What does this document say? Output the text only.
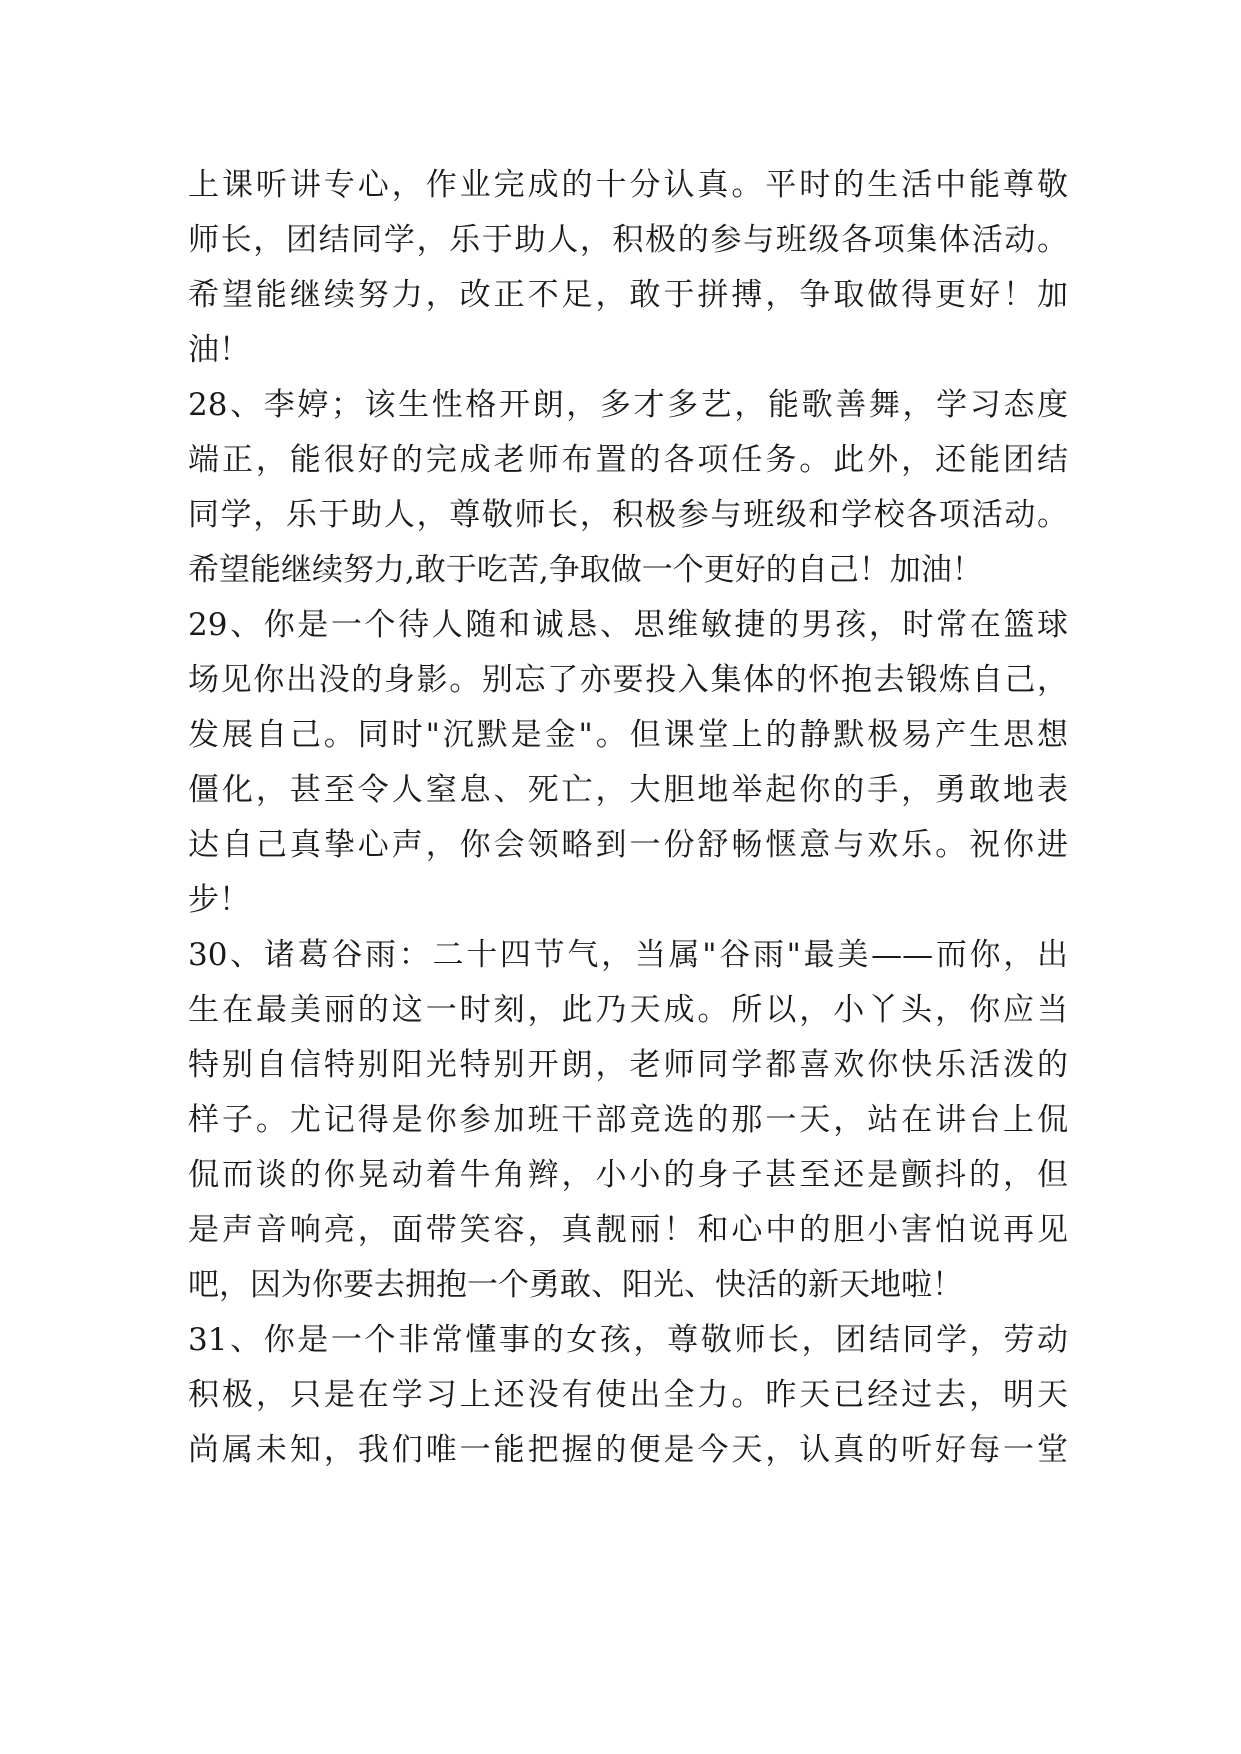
上课听讲专心，作业完成的十分认真。平时的生活中能尊敬
师长，团结同学，乐于助人，积极的参与班级各项集体活动。
希望能继续努力，改正不足，敢于拼搏，争取做得更好！加
油！
28、李婷；该生性格开朗，多才多艺，能歌善舞，学习态度
端正，能很好的完成老师布置的各项任务。此外，还能团结
同学，乐于助人，尊敬师长，积极参与班级和学校各项活动。
希望能继续努力,敢于吃苦,争取做一个更好的自己！加油！
29、你是一个待人随和诚恳、思维敏捷的男孩，时常在篮球
场见你出没的身影。别忘了亦要投入集体的怀抱去锻炼自己，
发展自己。同时"沉默是金"。但课堂上的静默极易产生思想
僵化，甚至令人窒息、死亡，大胆地举起你的手，勇敢地表
达自己真挚心声，你会领略到一份舒畅惬意与欢乐。祝你进
步！
30、诸葛谷雨：二十四节气，当属"谷雨"最美——而你，出
生在最美丽的这一时刻，此乃天成。所以，小丫头，你应当
特别自信特别阳光特别开朗，老师同学都喜欢你快乐活泼的
样子。尤记得是你参加班干部竞选的那一天，站在讲台上侃
侃而谈的你晃动着牛角辫，小小的身子甚至还是颤抖的，但
是声音响亮，面带笑容，真靓丽！和心中的胆小害怕说再见
吧，因为你要去拥抱一个勇敢、阳光、快活的新天地啦！
31、你是一个非常懂事的女孩，尊敬师长，团结同学，劳动
积极，只是在学习上还没有使出全力。昨天已经过去，明天
尚属未知，我们唯一能把握的便是今天，认真的听好每一堂
